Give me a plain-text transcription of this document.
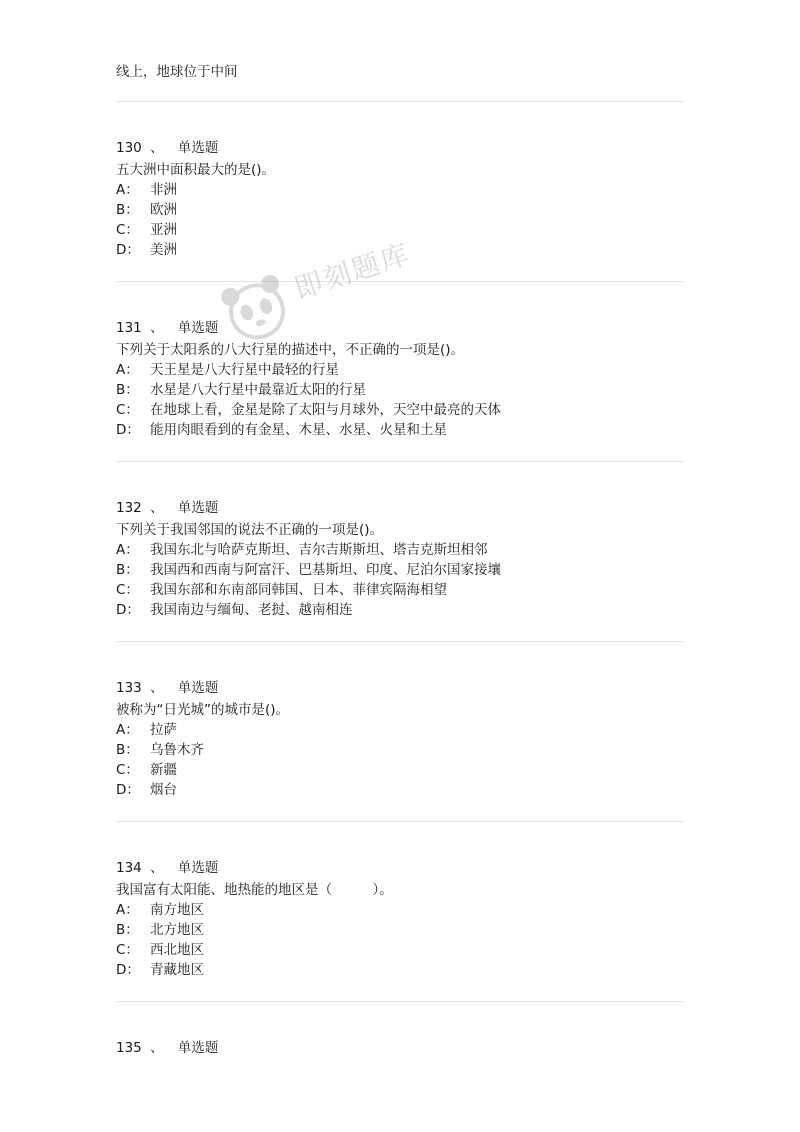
线上，地球位于中间
130 、 单选题
五大洲中面积最大的是()。
A： 非洲
B： 欧洲
C： 亚洲
D： 美洲
131 、 单选题
下列关于太阳系的八大行星的描述中，不正确的一项是()。
A： 天王星是八大行星中最轻的行星
B： 水星是八大行星中最靠近太阳的行星
C： 在地球上看，金星是除了太阳与月球外，天空中最亮的天体
D： 能用肉眼看到的有金星、木星、水星、火星和土星
132 、 单选题
下列关于我国邻国的说法不正确的一项是()。
A： 我国东北与哈萨克斯坦、吉尔吉斯斯坦、塔吉克斯坦相邻
B： 我国西和西南与阿富汗、巴基斯坦、印度、尼泊尔国家接壤
C： 我国东部和东南部同韩国、日本、菲律宾隔海相望
D： 我国南边与缅甸、老挝、越南相连
133 、 单选题
被称为“日光城”的城市是()。
A： 拉萨
B： 乌鲁木齐
C： 新疆
D： 烟台
134 、 单选题
我国富有太阳能、地热能的地区是（　　　）。
A： 南方地区
B： 北方地区
C： 西北地区
D： 青藏地区
135 、 单选题
即刻题库
